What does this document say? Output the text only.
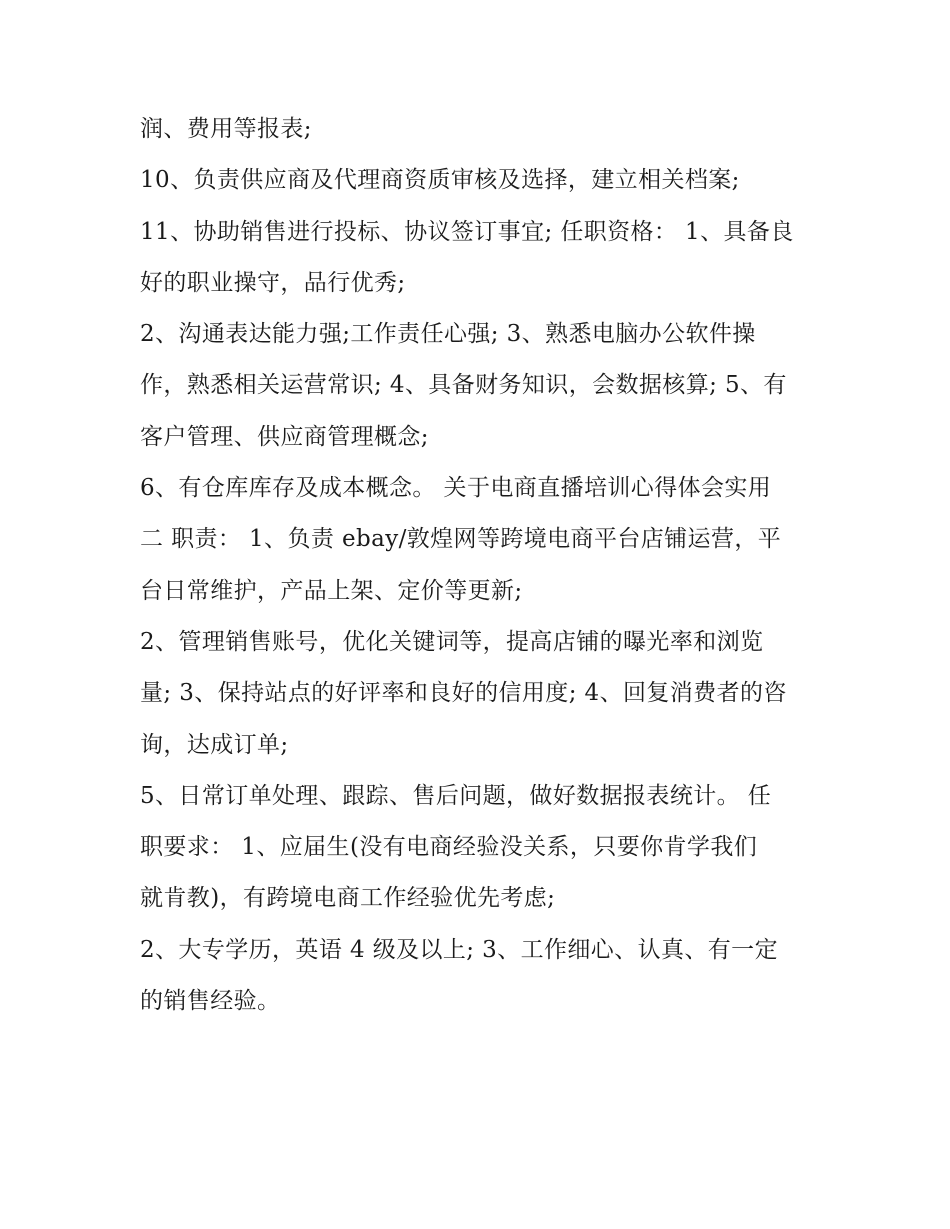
润、费用等报表;
10、负责供应商及代理商资质审核及选择，建立相关档案;
11、协助销售进行投标、协议签订事宜; 任职资格： 1、具备良
好的职业操守，品行优秀;
2、沟通表达能力强;工作责任心强; 3、熟悉电脑办公软件操
作，熟悉相关运营常识; 4、具备财务知识，会数据核算; 5、有
客户管理、供应商管理概念;
6、有仓库库存及成本概念。 关于电商直播培训心得体会实用
二 职责： 1、负责 ebay/敦煌网等跨境电商平台店铺运营，平
台日常维护，产品上架、定价等更新;
2、管理销售账号，优化关键词等，提高店铺的曝光率和浏览
量; 3、保持站点的好评率和良好的信用度; 4、回复消费者的咨
询，达成订单;
5、日常订单处理、跟踪、售后问题，做好数据报表统计。 任
职要求： 1、应届生(没有电商经验没关系，只要你肯学我们
就肯教)，有跨境电商工作经验优先考虑;
2、大专学历，英语 4 级及以上; 3、工作细心、认真、有一定
的销售经验。
